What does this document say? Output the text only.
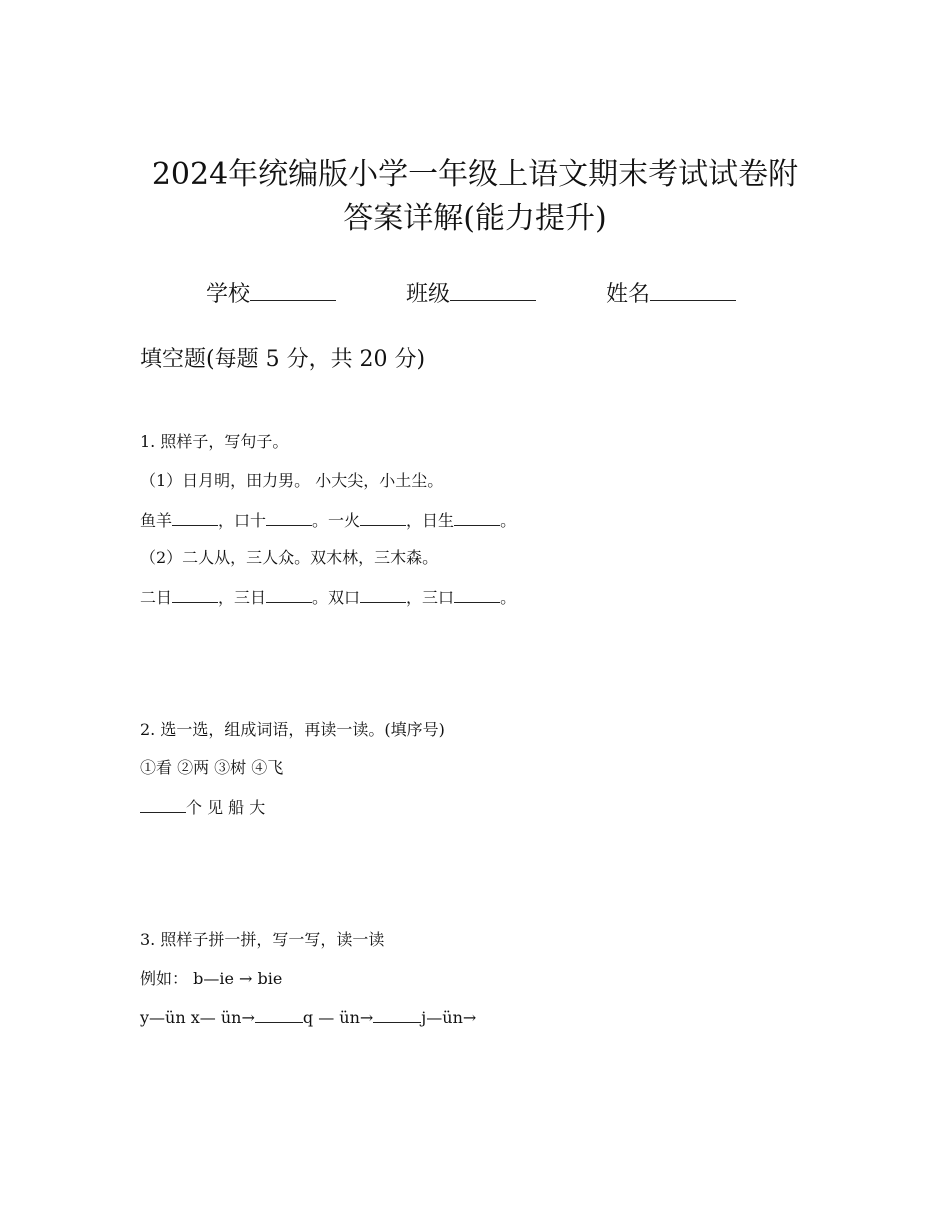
2024年统编版小学一年级上语文期末考试试卷附
答案详解(能力提升)
学校	班级	姓名
填空题(每题 5 分，共 20 分)
1. 照样子，写句子。
（1）日月明，田力男。 小大尖，小土尘。
鱼羊	，口十	。一火	，日生	。
（2）二人从，三人众。双木林，三木森。
二日	，三日	。双口	，三口	。
2. 选一选，组成词语，再读一读。(填序号)
①看 ②两 ③树 ④飞
个 见 船 大
3. 照样子拼一拼，写一写，读一读
例如： b—ie → bie
y—ün x— ün→	q — ün→	j—ün→
